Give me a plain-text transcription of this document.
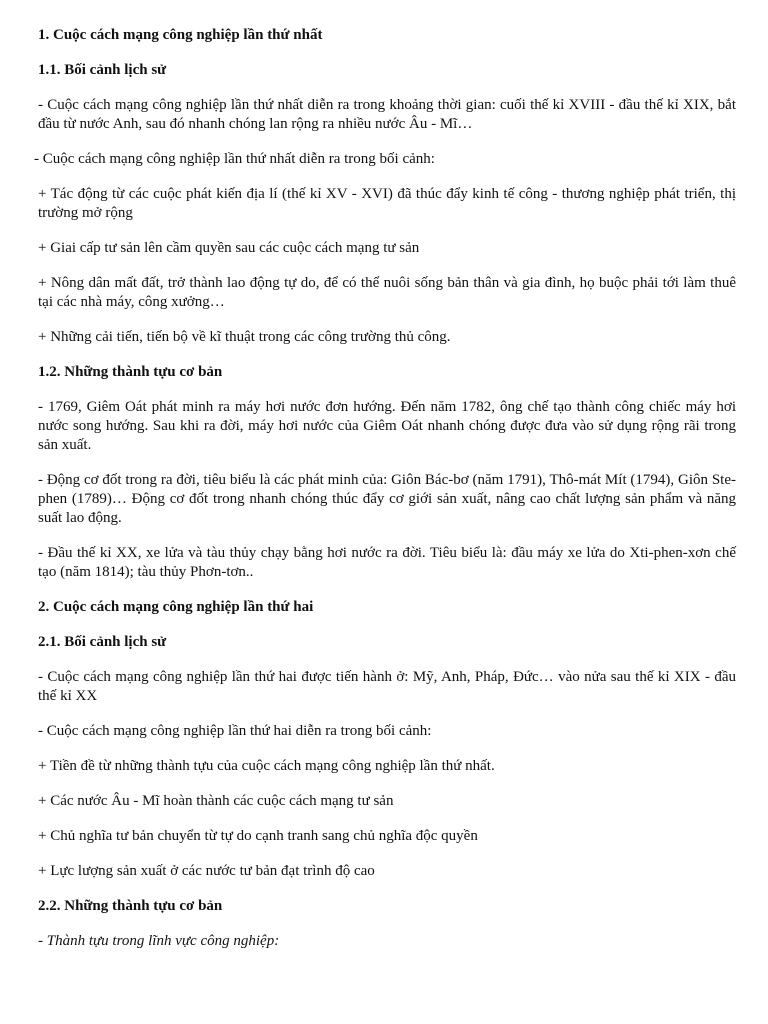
1. Cuộc cách mạng công nghiệp lần thứ nhất

1.1. Bối cảnh lịch sử

- Cuộc cách mạng công nghiệp lần thứ nhất diễn ra trong khoảng thời gian: cuối thế kỉ XVIII - đầu thế kỉ XIX, bắt đầu từ nước Anh, sau đó nhanh chóng lan rộng ra nhiều nước Âu - Mĩ…

- Cuộc cách mạng công nghiệp lần thứ nhất diễn ra trong bối cảnh:

+ Tác động từ các cuộc phát kiến địa lí (thế kỉ XV - XVI) đã thúc đẩy kinh tế công - thương nghiệp phát triển, thị trường mở rộng

+ Giai cấp tư sản lên cầm quyền sau các cuộc cách mạng tư sản

+ Nông dân mất đất, trở thành lao động tự do, để có thể nuôi sống bản thân và gia đình, họ buộc phải tới làm thuê tại các nhà máy, công xưởng…

+ Những cải tiến, tiến bộ về kĩ thuật trong các công trường thủ công.

1.2. Những thành tựu cơ bản

- 1769, Giêm Oát phát minh ra máy hơi nước đơn hướng. Đến năm 1782, ông chế tạo thành công chiếc máy hơi nước song hướng. Sau khi ra đời, máy hơi nước của Giêm Oát nhanh chóng được đưa vào sử dụng rộng rãi trong sản xuất.

- Động cơ đốt trong ra đời, tiêu biểu là các phát minh của: Giôn Bác-bơ (năm 1791), Thô-mát Mít (1794), Giôn Ste-phen (1789)… Động cơ đốt trong nhanh chóng thúc đẩy cơ giới sản xuất, nâng cao chất lượng sản phẩm và năng suất lao động.

- Đầu thế kỉ XX, xe lửa và tàu thủy chạy bằng hơi nước ra đời. Tiêu biểu là: đầu máy xe lửa do Xti-phen-xơn chế tạo (năm 1814); tàu thủy Phơn-tơn..

2. Cuộc cách mạng công nghiệp lần thứ hai

2.1. Bối cảnh lịch sử

- Cuộc cách mạng công nghiệp lần thứ hai được tiến hành ở: Mỹ, Anh, Pháp, Đức… vào nửa sau thế kỉ XIX - đầu thế kỉ XX

- Cuộc cách mạng công nghiệp lần thứ hai diễn ra trong bối cảnh:

+ Tiền đề từ những thành tựu của cuộc cách mạng công nghiệp lần thứ nhất.

+ Các nước Âu - Mĩ hoàn thành các cuộc cách mạng tư sản

+ Chủ nghĩa tư bản chuyển từ tự do cạnh tranh sang chủ nghĩa độc quyền

+ Lực lượng sản xuất ở các nước tư bản đạt trình độ cao

2.2. Những thành tựu cơ bản

- Thành tựu trong lĩnh vực công nghiệp:
